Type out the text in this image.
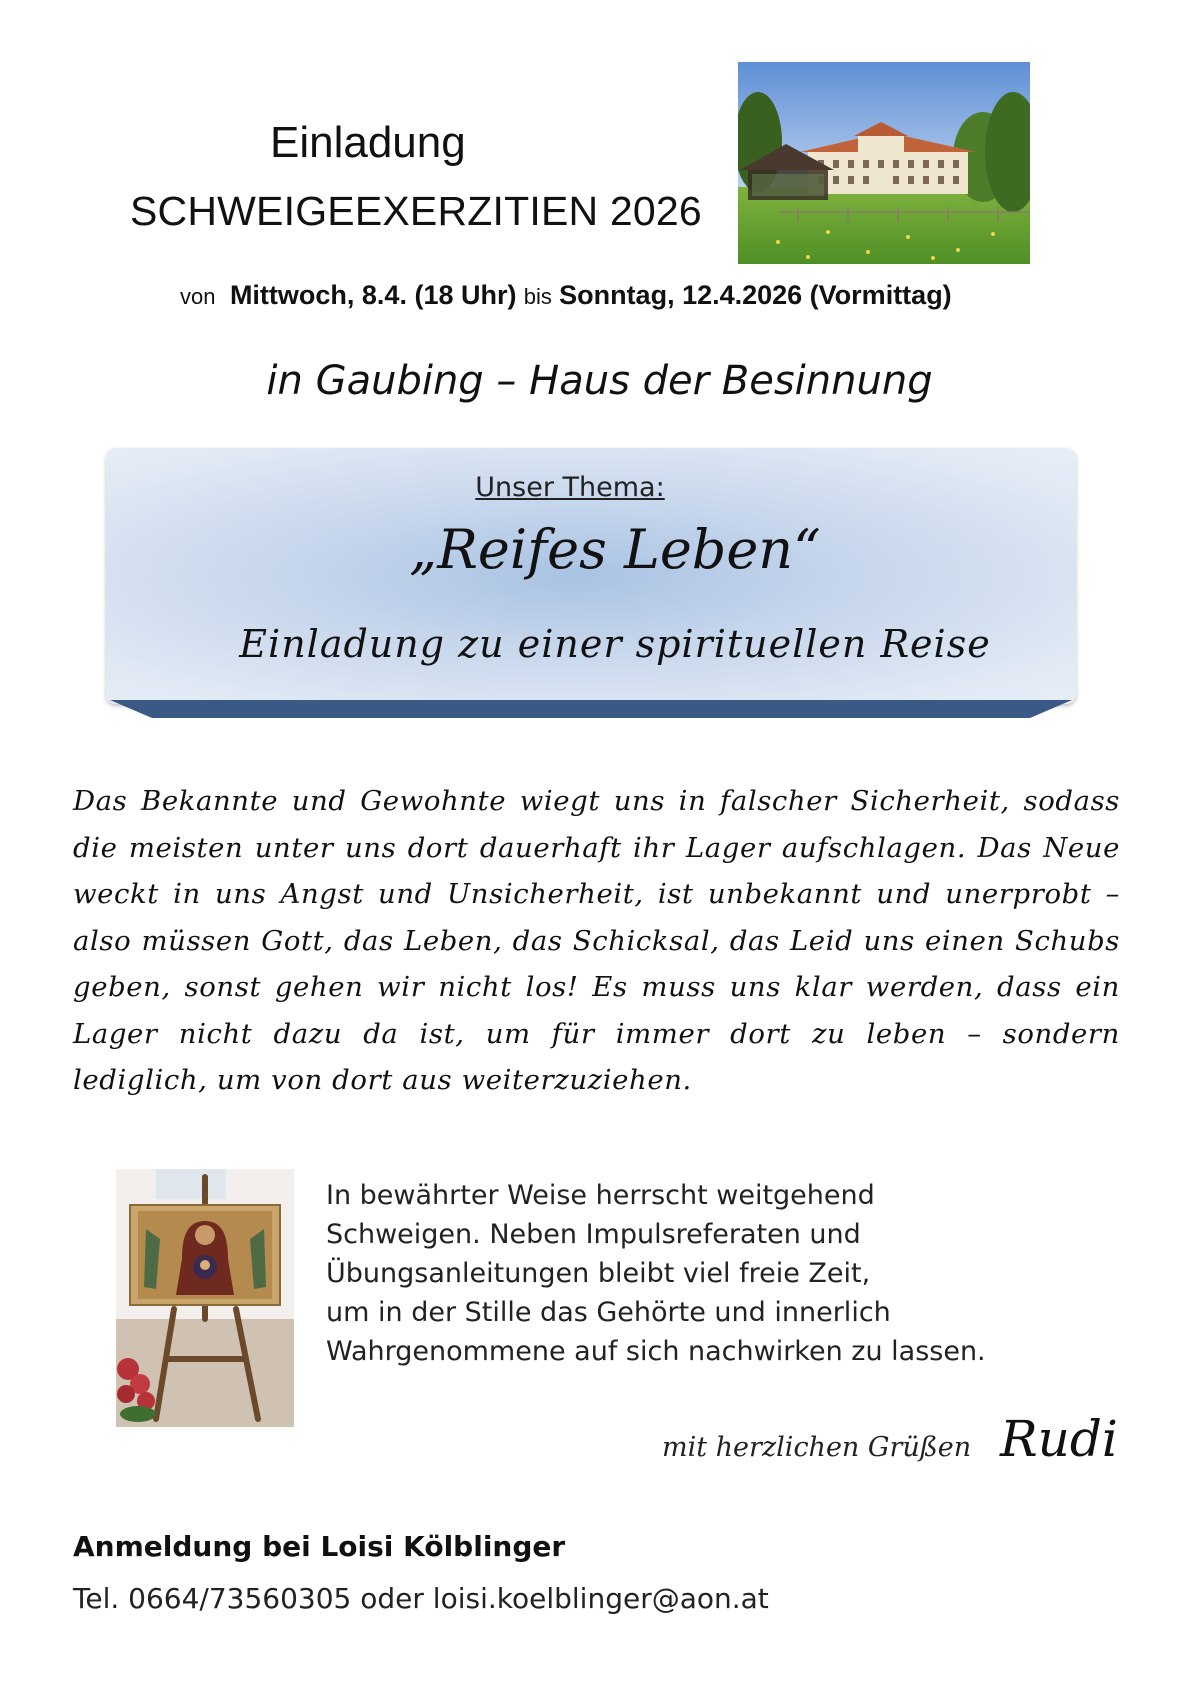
Einladung
SCHWEIGEEXERZITIEN 2026
von Mittwoch, 8.4. (18 Uhr) bis Sonntag, 12.4.2026 (Vormittag)
in Gaubing – Haus der Besinnung
Unser Thema:
„Reifes Leben“
Einladung zu einer spirituellen Reise
Das Bekannte und Gewohnte wiegt uns in falscher Sicherheit, sodass die meisten unter uns dort dauerhaft ihr Lager aufschlagen. Das Neue weckt in uns Angst und Unsicherheit, ist unbekannt und unerprobt – also müssen Gott, das Leben, das Schicksal, das Leid uns einen Schubs geben, sonst gehen wir nicht los! Es muss uns klar werden, dass ein Lager nicht dazu da ist, um für immer dort zu leben – sondern lediglich, um von dort aus weiterzuziehen.
In bewährter Weise herrscht weitgehend
Schweigen. Neben Impulsreferaten und
Übungsanleitungen bleibt viel freie Zeit,
um in der Stille das Gehörte und innerlich
Wahrgenommene auf sich nachwirken zu lassen.
mit herzlichen Grüßen Rudi
Anmeldung bei Loisi Kölblinger
Tel. 0664/73560305 oder loisi.koelblinger@aon.at
